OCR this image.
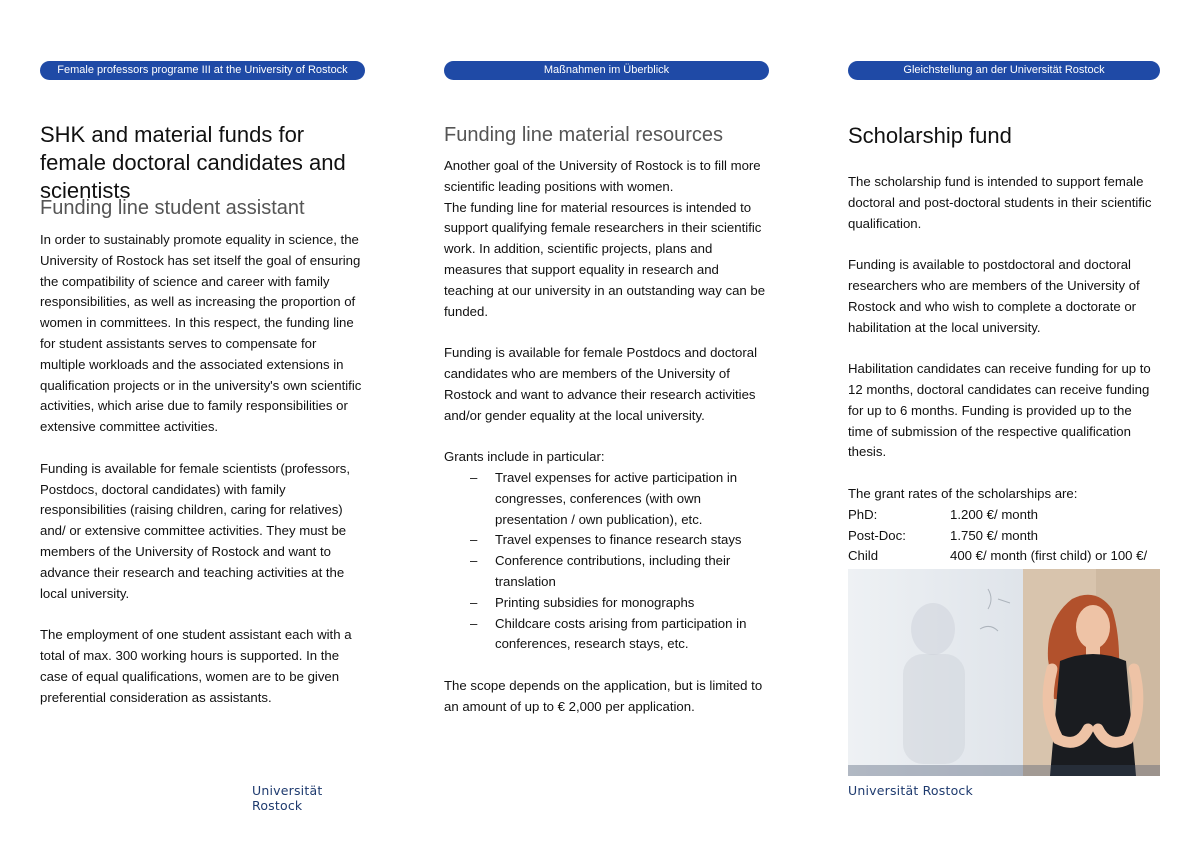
Female professors programe III at the University of Rostock
SHK and material funds for female doctoral candidates and scientists
Funding line student assistant

In order to sustainably promote equality in science, the University of Rostock has set itself the goal of ensuring the compatibility of science and career with family responsibilities, as well as increasing the proportion of women in committees. In this respect, the funding line for student assistants serves to compensate for multiple workloads and the associated extensions in qualification projects or in the university's own scientific activities, which arise due to family responsibilities or extensive committee activities.

Funding is available for female scientists (professors, Postdocs, doctoral candidates) with family responsibilities (raising children, caring for relatives) and/ or extensive committee activities. They must be members of the University of Rostock and want to advance their research and teaching activities at the local university.

The employment of one student assistant each with a total of max. 300 working hours is supported. In the case of equal qualifications, women are to be given preferential consideration as assistants.

Universität Rostock
Maßnahmen im Überblick
Funding line material resources

Another goal of the University of Rostock is to fill more scientific leading positions with women.

The funding line for material resources is intended to support qualifying female researchers in their scientific work. In addition, scientific projects, plans and measures that support equality in research and teaching at our university in an outstanding way can be funded.

Funding is available for female Postdocs and doctoral candidates who are members of the University of Rostock and want to advance their research activities and/or gender equality at the local university.

Grants include in particular:

– Travel expenses for active participation in congresses, conferences (with own presentation / own publication), etc.
– Travel expenses to finance research stays
– Conference contributions, including their translation
– Printing subsidies for monographs
– Childcare costs arising from participation in conferences, research stays, etc.

The scope depends on the application, but is limited to an amount of up to € 2,000 per application.

Gleichstellung an der Universität Rostock
Scholarship fund

The scholarship fund is intended to support female doctoral and post-doctoral students in their scientific qualification.

Funding is available to postdoctoral and doctoral researchers who are members of the University of Rostock and who wish to complete a doctorate or habilitation at the local university.

Habilitation candidates can receive funding for up to 12 months, doctoral candidates can receive funding for up to 6 months. Funding is provided up to the time of submission of the respective qualification thesis.

The grant rates of the scholarships are:

PhD:	1.200 €/ month
Post-Doc:	1.750 €/ month
Child	400 €/ month (first child) or 100 €/
Universität Rostock
